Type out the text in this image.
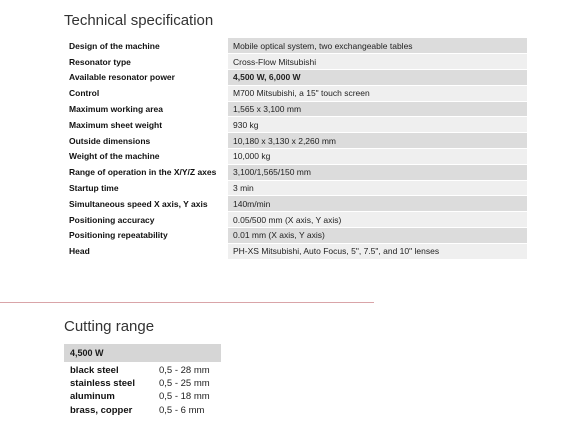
Technical specification
Design of the machine	Mobile optical system, two exchangeable tables
Resonator type	Cross-Flow Mitsubishi
Available resonator power	4,500 W, 6,000 W
Control	M700 Mitsubishi, a 15" touch screen
Maximum working area	1,565 x 3,100 mm
Maximum sheet weight	930 kg
Outside dimensions	10,180 x 3,130 x 2,260 mm
Weight of the machine	10,000 kg
Range of operation in the X/Y/Z axes	3,100/1,565/150 mm
Startup time	3 min
Simultaneous speed X axis, Y axis	140m/min
Positioning accuracy	0.05/500 mm (X axis, Y axis)
Positioning repeatability	0.01 mm (X axis, Y axis)
Head	PH-XS Mitsubishi, Auto Focus, 5", 7.5", and 10" lenses
Cutting range
4,500 W
black steel	0,5 - 28 mm
stainless steel	0,5 - 25 mm
aluminum	0,5 - 18 mm
brass, copper	0,5 - 6 mm
